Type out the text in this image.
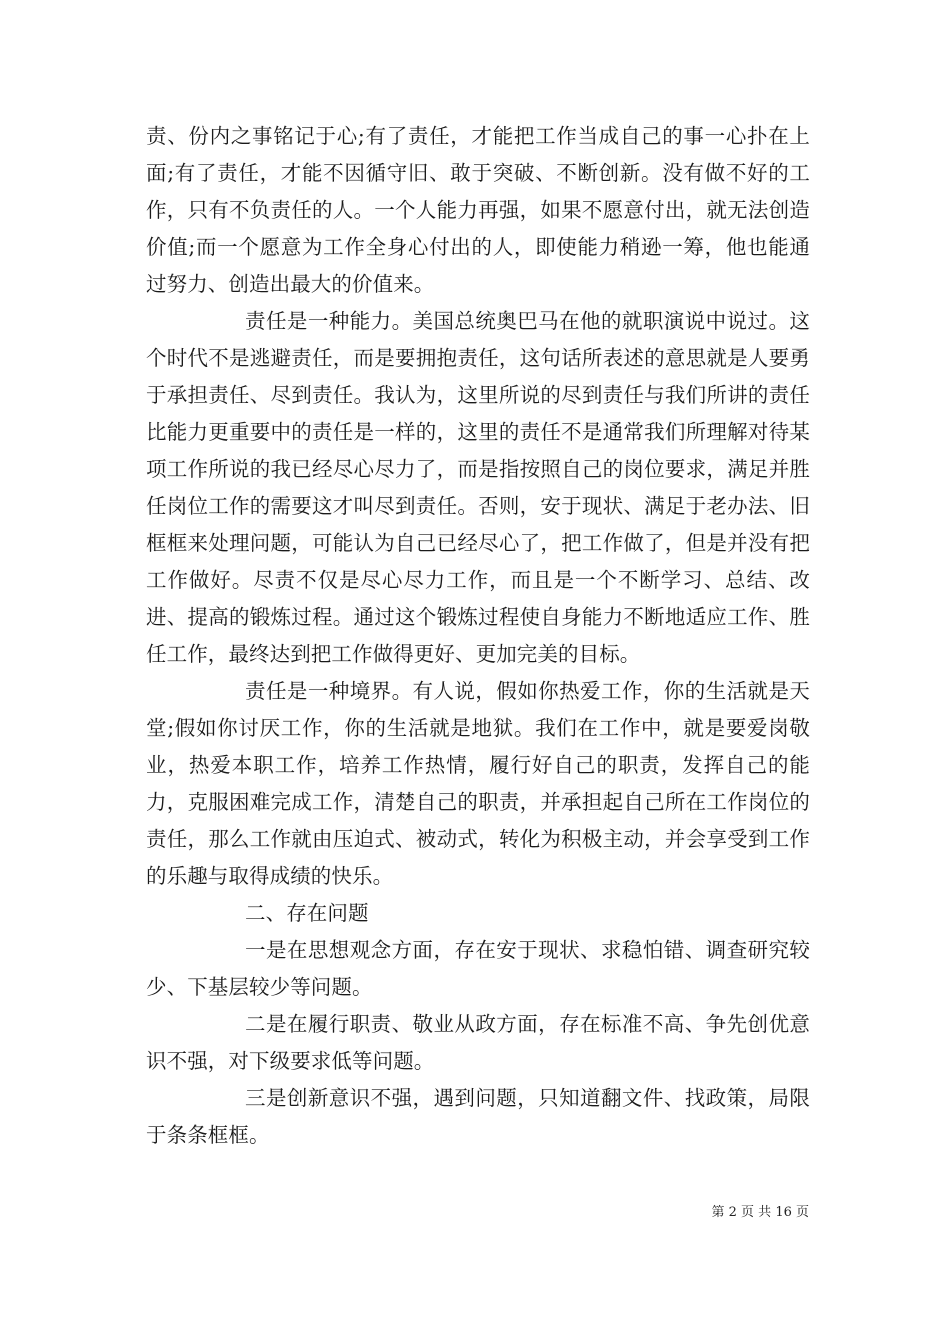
责、份内之事铭记于心;有了责任，才能把工作当成自己的事一心扑在上面;有了责任，才能不因循守旧、敢于突破、不断创新。没有做不好的工作，只有不负责任的人。一个人能力再强，如果不愿意付出，就无法创造价值;而一个愿意为工作全身心付出的人，即使能力稍逊一筹，他也能通过努力、创造出最大的价值来。

责任是一种能力。美国总统奥巴马在他的就职演说中说过。这个时代不是逃避责任，而是要拥抱责任，这句话所表述的意思就是人要勇于承担责任、尽到责任。我认为，这里所说的尽到责任与我们所讲的责任比能力更重要中的责任是一样的，这里的责任不是通常我们所理解对待某项工作所说的我已经尽心尽力了，而是指按照自己的岗位要求，满足并胜任岗位工作的需要这才叫尽到责任。否则，安于现状、满足于老办法、旧框框来处理问题，可能认为自己已经尽心了，把工作做了，但是并没有把工作做好。尽责不仅是尽心尽力工作，而且是一个不断学习、总结、改进、提高的锻炼过程。通过这个锻炼过程使自身能力不断地适应工作、胜任工作，最终达到把工作做得更好、更加完美的目标。

责任是一种境界。有人说，假如你热爱工作，你的生活就是天堂;假如你讨厌工作，你的生活就是地狱。我们在工作中，就是要爱岗敬业，热爱本职工作，培养工作热情，履行好自己的职责，发挥自己的能力，克服困难完成工作，清楚自己的职责，并承担起自己所在工作岗位的责任，那么工作就由压迫式、被动式，转化为积极主动，并会享受到工作的乐趣与取得成绩的快乐。

二、存在问题

一是在思想观念方面，存在安于现状、求稳怕错、调查研究较少、下基层较少等问题。

二是在履行职责、敬业从政方面，存在标准不高、争先创优意识不强，对下级要求低等问题。

三是创新意识不强，遇到问题，只知道翻文件、找政策，局限于条条框框。

第 2 页 共 16 页
